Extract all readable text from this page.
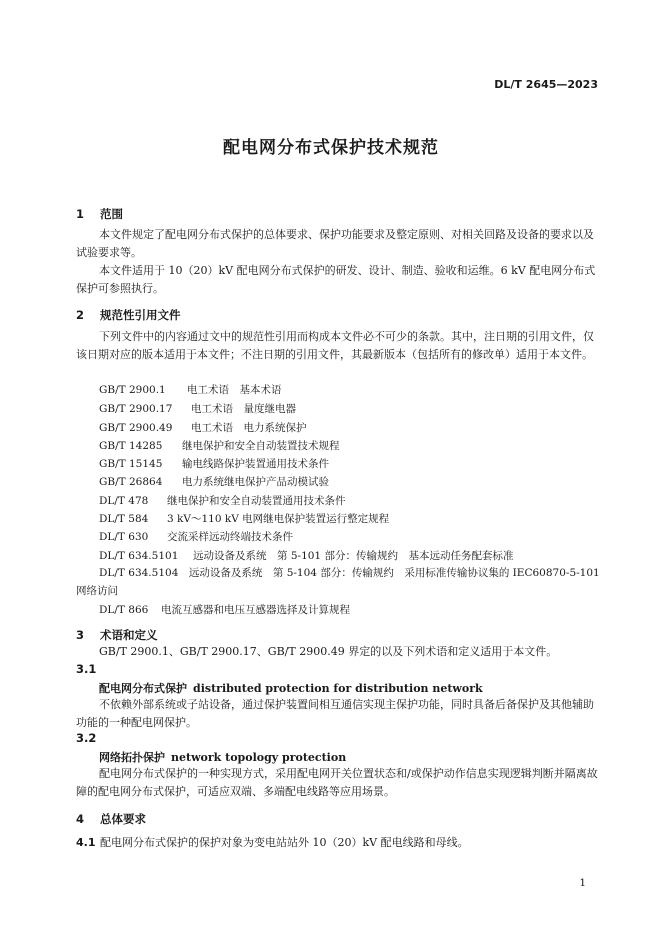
DL/T 2645—2023
配电网分布式保护技术规范
1 范围

本文件规定了配电网分布式保护的总体要求、保护功能要求及整定原则、对相关回路及设备的要求以及试验要求等。

本文件适用于 10（20）kV 配电网分布式保护的研发、设计、制造、验收和运维。6 kV 配电网分布式保护可参照执行。

2 规范性引用文件

下列文件中的内容通过文中的规范性引用而构成本文件必不可少的条款。其中，注日期的引用文件，仅该日期对应的版本适用于本文件；不注日期的引用文件，其最新版本（包括所有的修改单）适用于本文件。

GB/T 2900.1 电工术语　基本术语
GB/T 2900.17 电工术语　量度继电器
GB/T 2900.49 电工术语　电力系统保护
GB/T 14285 继电保护和安全自动装置技术规程
GB/T 15145 输电线路保护装置通用技术条件
GB/T 26864 电力系统继电保护产品动模试验
DL/T 478 继电保护和安全自动装置通用技术条件
DL/T 584 3 kV～110 kV 电网继电保护装置运行整定规程
DL/T 630 交流采样远动终端技术条件
DL/T 634.5101 远动设备及系统　第 5-101 部分：传输规约　基本远动任务配套标准

DL/T 634.5104　远动设备及系统　第 5-104 部分：传输规约　采用标准传输协议集的 IEC60870-5-101 网络访问

DL/T 866 电流互感器和电压互感器选择及计算规程
3 术语和定义

GB/T 2900.1、GB/T 2900.17、GB/T 2900.49 界定的以及下列术语和定义适用于本文件。

3.1
配电网分布式保护 distributed protection for distribution network

不依赖外部系统或子站设备，通过保护装置间相互通信实现主保护功能，同时具备后备保护及其他辅助功能的一种配电网保护。

3.2
网络拓扑保护 network topology protection

配电网分布式保护的一种实现方式，采用配电网开关位置状态和/或保护动作信息实现逻辑判断并隔离故障的配电网分布式保护，可适应双端、多端配电线路等应用场景。

4 总体要求
4.1 配电网分布式保护的保护对象为变电站站外 10（20）kV 配电线路和母线。
1
